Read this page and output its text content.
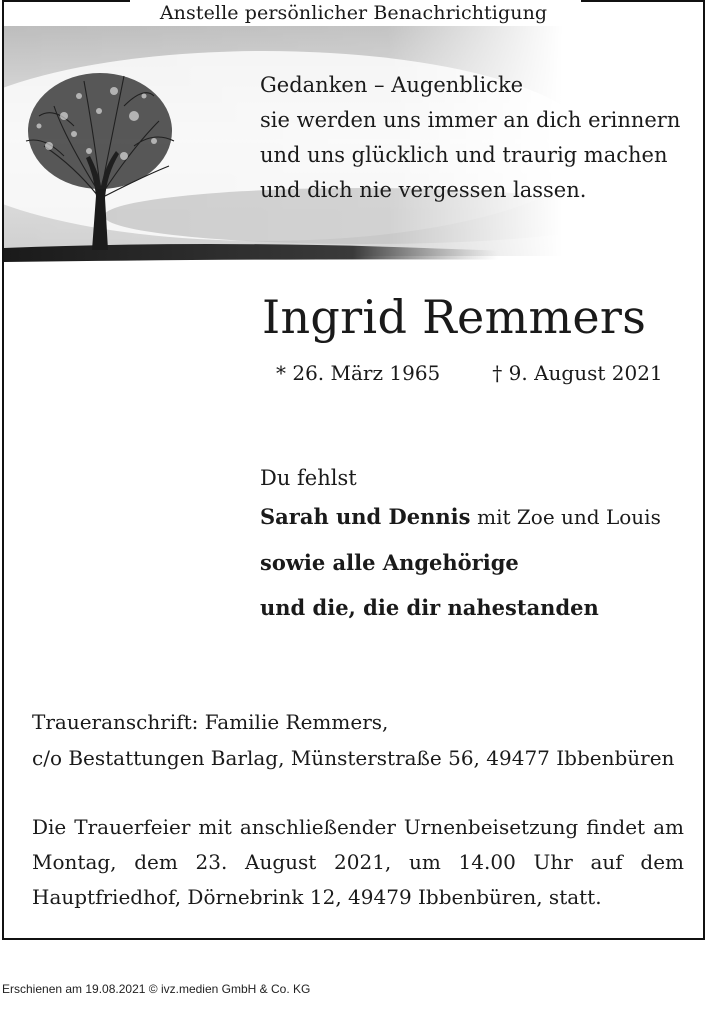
Anstelle persönlicher Benachrichtigung
Gedanken – Augenblicke
sie werden uns immer an dich erinnern
und uns glücklich und traurig machen
und dich nie vergessen lassen.
Ingrid Remmers
* 26. März 1965	† 9. August 2021
Du fehlst
Sarah und Dennis mit Zoe und Louis
sowie alle Angehörige
und die, die dir nahestanden
Traueranschrift: Familie Remmers,
c/o Bestattungen Barlag, Münsterstraße 56, 49477 Ibbenbüren
Die Trauerfeier mit anschließender Urnenbeisetzung findet am Montag, dem 23. August 2021, um 14.00 Uhr auf dem Hauptfriedhof, Dörnebrink 12, 49479 Ibbenbüren, statt.
Erschienen am 19.08.2021 © ivz.medien GmbH & Co. KG
